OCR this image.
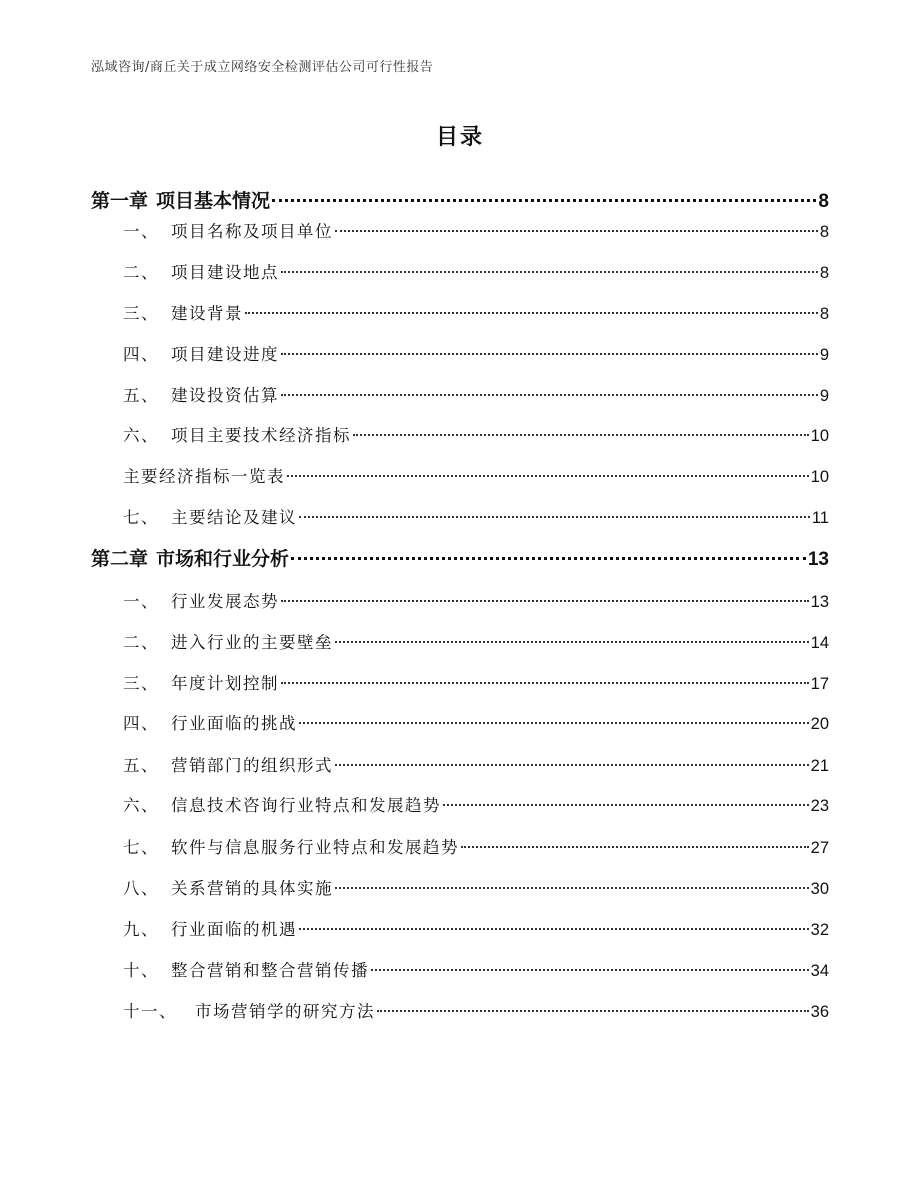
泓域咨询/商丘关于成立网络安全检测评估公司可行性报告
目录
第一章 项目基本情况	8
一、 项目名称及项目单位	8
二、 项目建设地点	8
三、 建设背景	8
四、 项目建设进度	9
五、 建设投资估算	9
六、 项目主要技术经济指标	10
主要经济指标一览表	10
七、 主要结论及建议	11
第二章 市场和行业分析	13
一、 行业发展态势	13
二、 进入行业的主要壁垒	14
三、 年度计划控制	17
四、 行业面临的挑战	20
五、 营销部门的组织形式	21
六、 信息技术咨询行业特点和发展趋势	23
七、 软件与信息服务行业特点和发展趋势	27
八、 关系营销的具体实施	30
九、 行业面临的机遇	32
十、 整合营销和整合营销传播	34
十一、	市场营销学的研究方法	36
